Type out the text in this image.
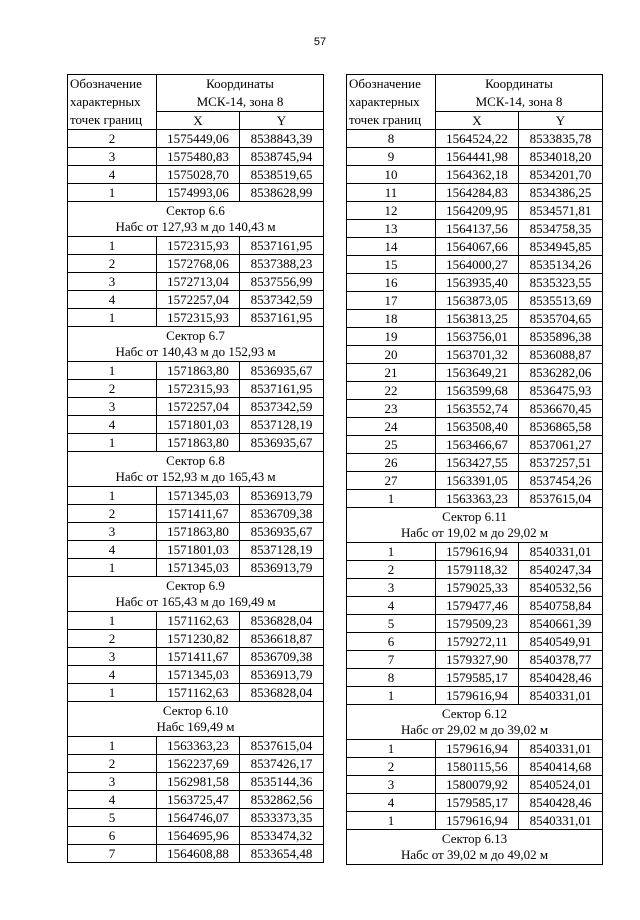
57
Обозначение
характерных
точек границ	Координаты
МСК-14, зона 8	

	X	Y
2	1575449,06	8538843,39
3	1575480,83	8538745,94
4	1575028,70	8538519,65
1	1574993,06	8538628,99
Сектор 6.6
Набс от 127,93 м до 140,43 м		
1	1572315,93	8537161,95
2	1572768,06	8537388,23
3	1572713,04	8537556,99
4	1572257,04	8537342,59
1	1572315,93	8537161,95
Сектор 6.7
Набс от 140,43 м до 152,93 м		
1	1571863,80	8536935,67
2	1572315,93	8537161,95
3	1572257,04	8537342,59
4	1571801,03	8537128,19
1	1571863,80	8536935,67
Сектор 6.8
Набс от 152,93 м до 165,43 м		
1	1571345,03	8536913,79
2	1571411,67	8536709,38
3	1571863,80	8536935,67
4	1571801,03	8537128,19
1	1571345,03	8536913,79
Сектор 6.9
Набс от 165,43 м до 169,49 м		
1	1571162,63	8536828,04
2	1571230,82	8536618,87
3	1571411,67	8536709,38
4	1571345,03	8536913,79
1	1571162,63	8536828,04
Сектор 6.10
Набс 169,49 м		
1	1563363,23	8537615,04
2	1562237,69	8537426,17
3	1562981,58	8535144,36
4	1563725,47	8532862,56
5	1564746,07	8533373,35
6	1564695,96	8533474,32
7	1564608,88	8533654,48
Обозначение
характерных
точек границ	Координаты
МСК-14, зона 8	

	X	Y
8	1564524,22	8533835,78
9	1564441,98	8534018,20
10	1564362,18	8534201,70
11	1564284,83	8534386,25
12	1564209,95	8534571,81
13	1564137,56	8534758,35
14	1564067,66	8534945,85
15	1564000,27	8535134,26
16	1563935,40	8535323,55
17	1563873,05	8535513,69
18	1563813,25	8535704,65
19	1563756,01	8535896,38
20	1563701,32	8536088,87
21	1563649,21	8536282,06
22	1563599,68	8536475,93
23	1563552,74	8536670,45
24	1563508,40	8536865,58
25	1563466,67	8537061,27
26	1563427,55	8537257,51
27	1563391,05	8537454,26
1	1563363,23	8537615,04
Сектор 6.11
Набс от 19,02 м до 29,02 м		
1	1579616,94	8540331,01
2	1579118,32	8540247,34
3	1579025,33	8540532,56
4	1579477,46	8540758,84
5	1579509,23	8540661,39
6	1579272,11	8540549,91
7	1579327,90	8540378,77
8	1579585,17	8540428,46
1	1579616,94	8540331,01
Сектор 6.12
Набс от 29,02 м до 39,02 м		
1	1579616,94	8540331,01
2	1580115,56	8540414,68
3	1580079,92	8540524,01
4	1579585,17	8540428,46
1	1579616,94	8540331,01
Сектор 6.13
Набс от 39,02 м до 49,02 м		
